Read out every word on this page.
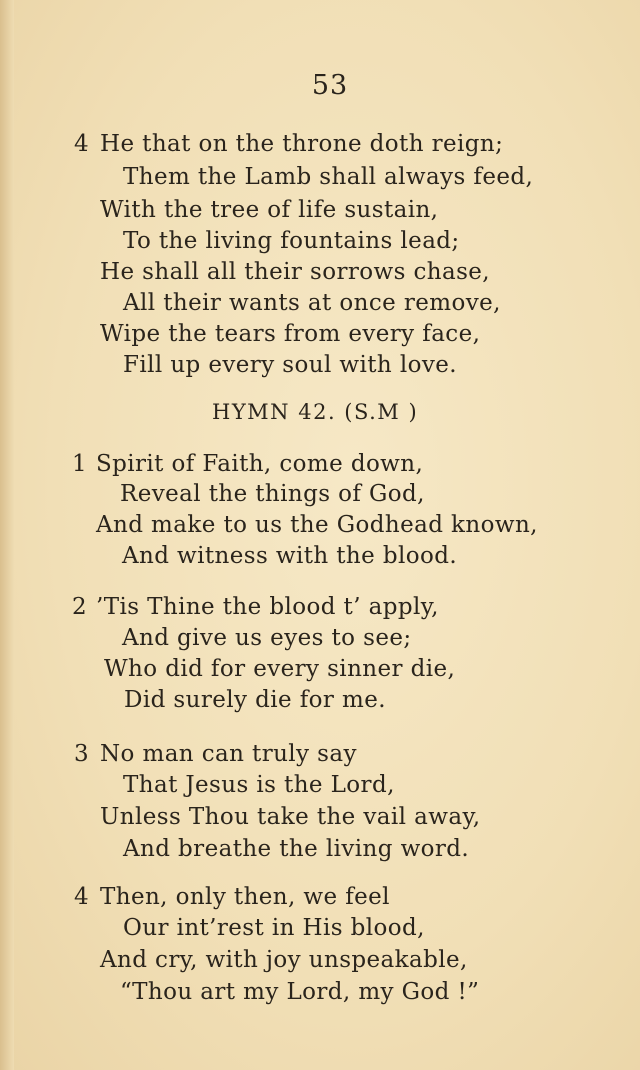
53
4 He that on the throne doth reign;
Them the Lamb shall always feed,
With the tree of life sustain,
To the living fountains lead;
He shall all their sorrows chase,
All their wants at once remove,
Wipe the tears from every face,
Fill up every soul with love.
HYMN 42. (S.M )
1 Spirit of Faith, come down,
Reveal the things of God,
And make to us the Godhead known,
And witness with the blood.
2 ’Tis Thine the blood t’ apply,
And give us eyes to see;
Who did for every sinner die,
Did surely die for me.
3 No man can truly say
That Jesus is the Lord,
Unless Thou take the vail away,
And breathe the living word.
4 Then, only then, we feel
Our int’rest in His blood,
And cry, with joy unspeakable,
“Thou art my Lord, my God !”
